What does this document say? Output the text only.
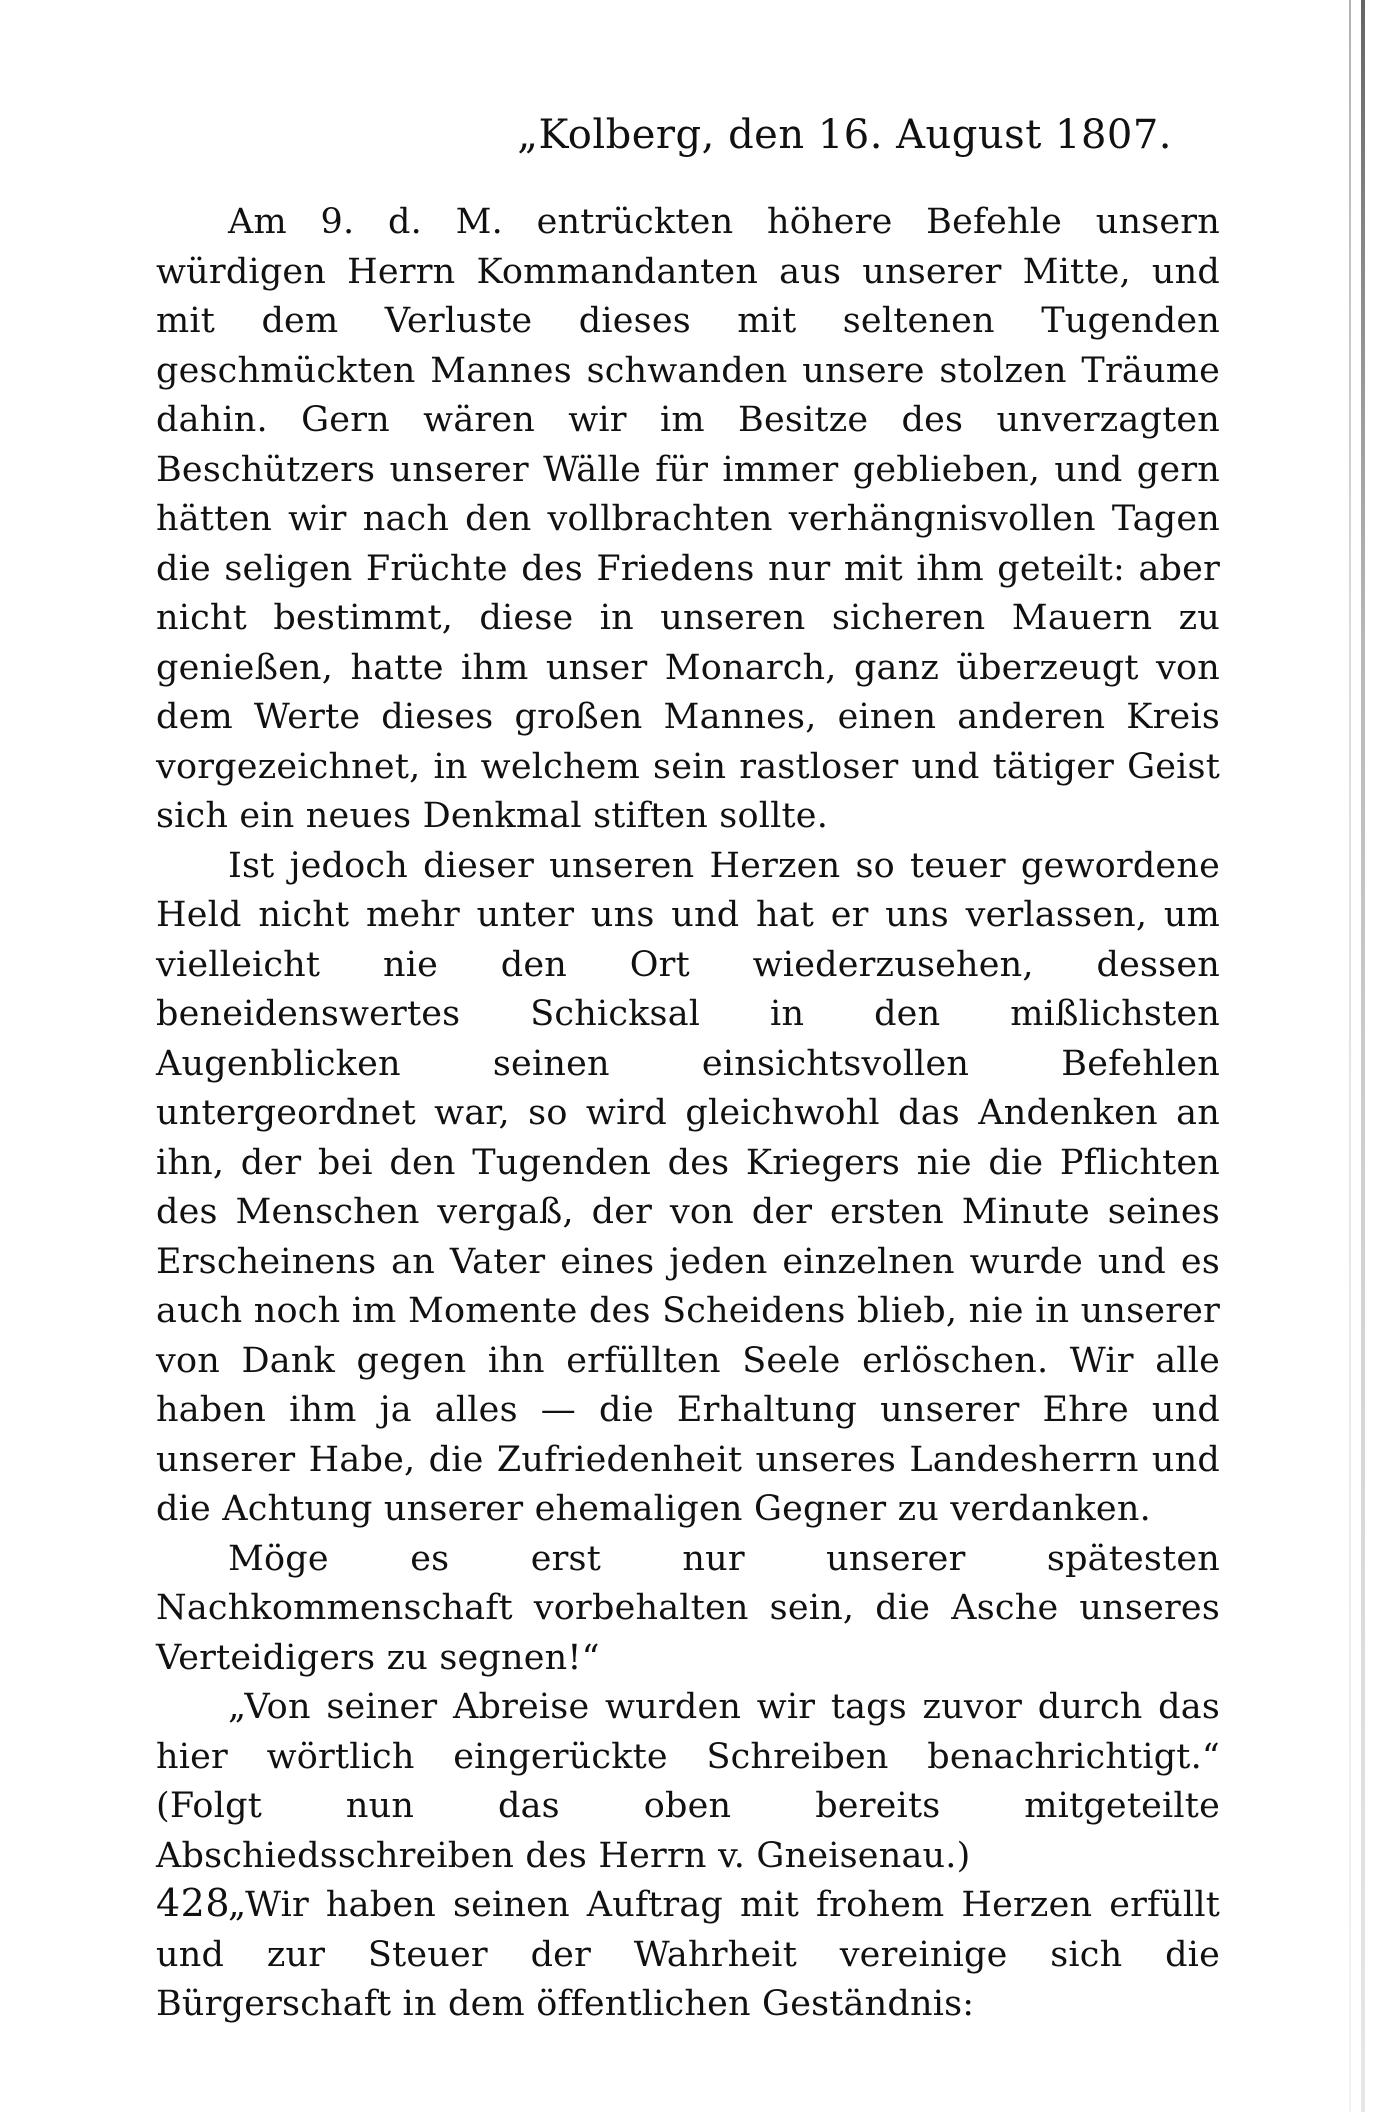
„Kolberg, den 16. August 1807.

Am 9. d. M. entrückten höhere Befehle unsern würdigen Herrn Kommandanten aus unserer Mitte, und mit dem Verluste dieses mit seltenen Tugenden geschmückten Mannes schwanden unsere stolzen Träume dahin. Gern wären wir im Besitze des unverzagten Beschützers unserer Wälle für immer geblieben, und gern hätten wir nach den vollbrachten verhängnisvollen Tagen die seligen Früchte des Friedens nur mit ihm geteilt: aber nicht bestimmt, diese in unseren sicheren Mauern zu genießen, hatte ihm unser Monarch, ganz überzeugt von dem Werte dieses großen Mannes, einen anderen Kreis vorgezeichnet, in welchem sein rastloser und tätiger Geist sich ein neues Denkmal stiften sollte.

Ist jedoch dieser unseren Herzen so teuer gewordene Held nicht mehr unter uns und hat er uns verlassen, um vielleicht nie den Ort wiederzusehen, dessen beneidenswertes Schicksal in den mißlichsten Augenblicken seinen einsichtsvollen Befehlen untergeordnet war, so wird gleichwohl das Andenken an ihn, der bei den Tugenden des Kriegers nie die Pflichten des Menschen vergaß, der von der ersten Minute seines Erscheinens an Vater eines jeden einzelnen wurde und es auch noch im Momente des Scheidens blieb, nie in unserer von Dank gegen ihn erfüllten Seele erlöschen. Wir alle haben ihm ja alles — die Erhaltung unserer Ehre und unserer Habe, die Zufriedenheit unseres Landesherrn und die Achtung unserer ehemaligen Gegner zu verdanken.

Möge es erst nur unserer spätesten Nachkommenschaft vorbehalten sein, die Asche unseres Verteidigers zu segnen!“

„Von seiner Abreise wurden wir tags zuvor durch das hier wörtlich eingerückte Schreiben benachrichtigt.“ (Folgt nun das oben bereits mitgeteilte Abschiedsschreiben des Herrn v. Gneisenau.)

„Wir haben seinen Auftrag mit frohem Herzen erfüllt und zur Steuer der Wahrheit vereinige sich die Bürgerschaft in dem öffentlichen Geständnis:

428
